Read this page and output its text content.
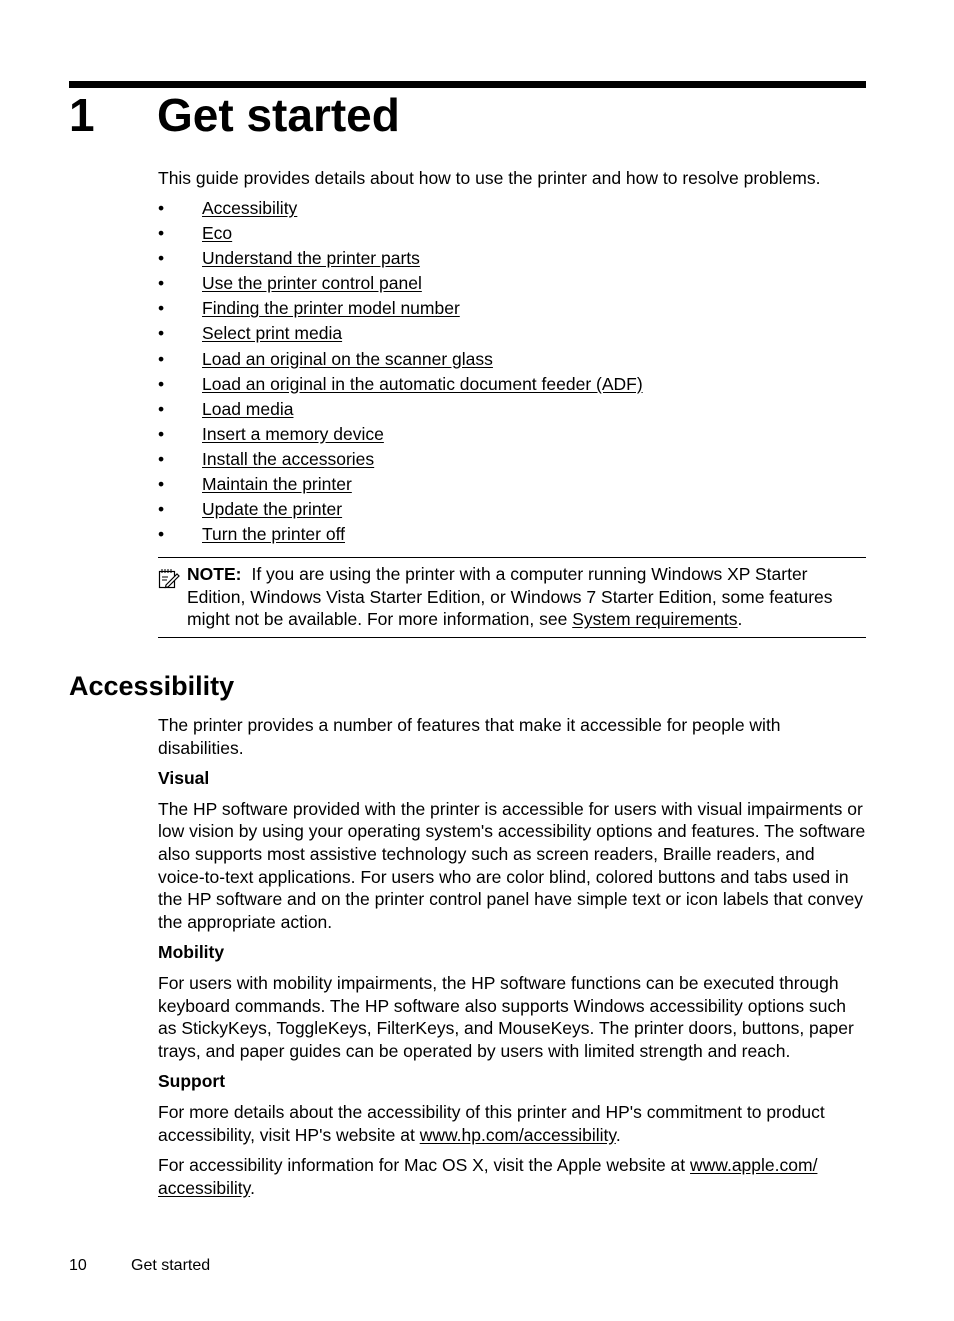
1 Get started

This guide provides details about how to use the printer and how to resolve problems.

•	Accessibility
•	Eco
•	Understand the printer parts
•	Use the printer control panel
•	Finding the printer model number
•	Select print media
•	Load an original on the scanner glass
•	Load an original in the automatic document feeder (ADF)
•	Load media
•	Insert a memory device
•	Install the accessories
•	Maintain the printer
•	Update the printer
•	Turn the printer off
NOTE: If you are using the printer with a computer running Windows XP Starter Edition, Windows Vista Starter Edition, or Windows 7 Starter Edition, some features might not be available. For more information, see System requirements.
Accessibility

The printer provides a number of features that make it accessible for people with disabilities.

Visual

The HP software provided with the printer is accessible for users with visual impairments or low vision by using your operating system's accessibility options and features. The software also supports most assistive technology such as screen readers, Braille readers, and voice-to-text applications. For users who are color blind, colored buttons and tabs used in the HP software and on the printer control panel have simple text or icon labels that convey the appropriate action.

Mobility

For users with mobility impairments, the HP software functions can be executed through keyboard commands. The HP software also supports Windows accessibility options such as StickyKeys, ToggleKeys, FilterKeys, and MouseKeys. The printer doors, buttons, paper trays, and paper guides can be operated by users with limited strength and reach.

Support

For more details about the accessibility of this printer and HP's commitment to product accessibility, visit HP's website at www.hp.com/accessibility.

For accessibility information for Mac OS X, visit the Apple website at www.apple.com/ accessibility.

10	Get started
